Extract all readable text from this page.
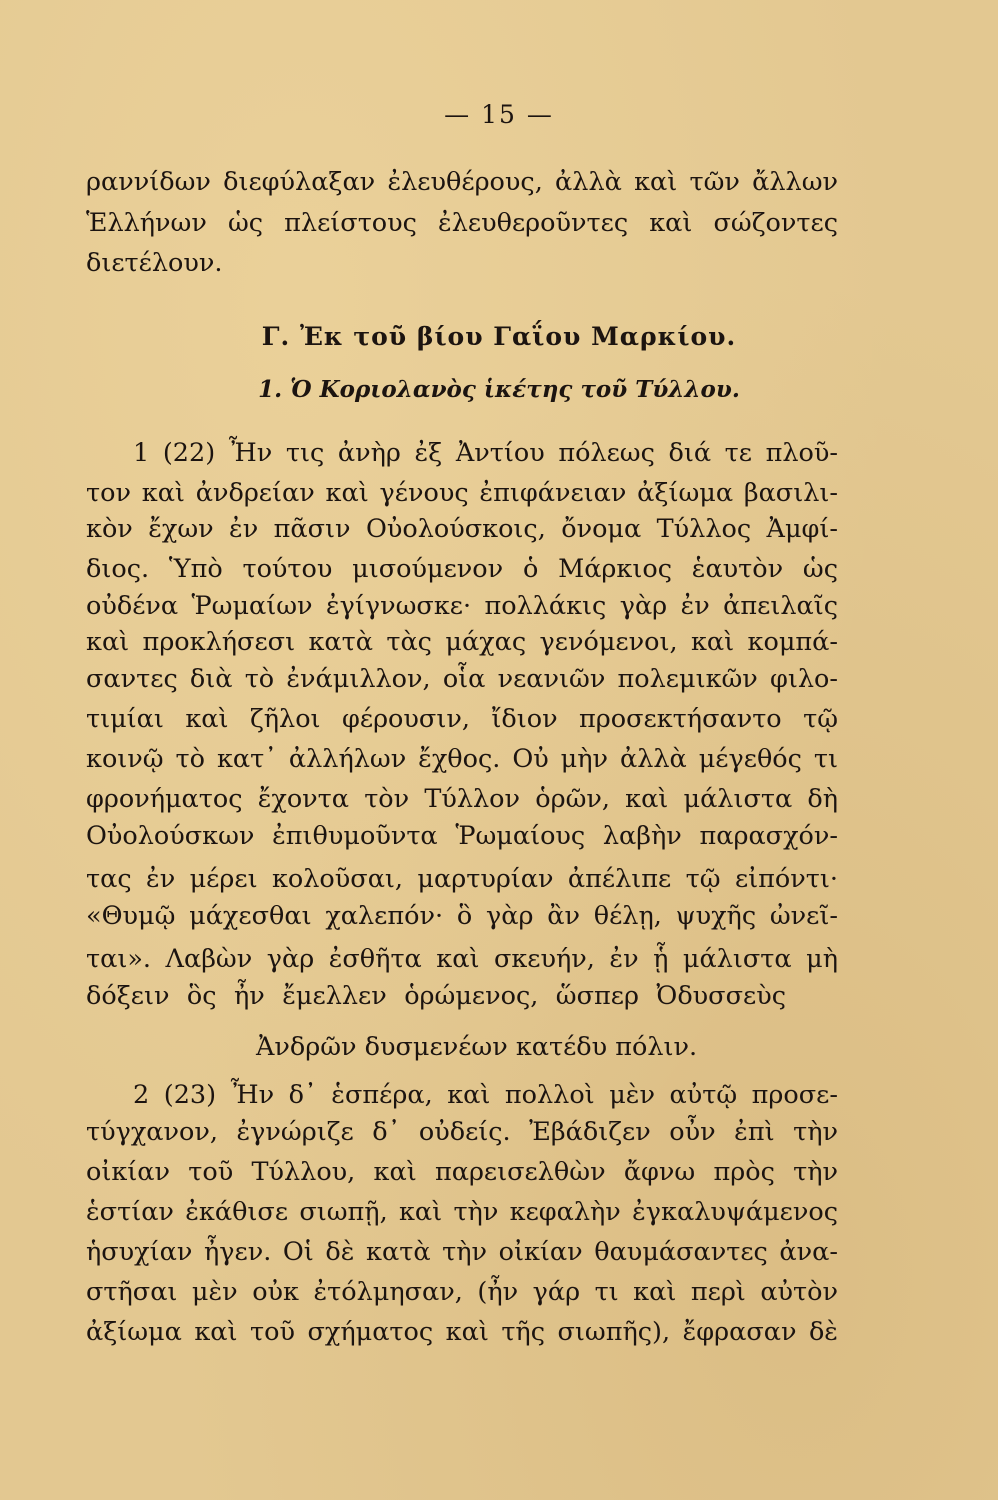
— 15 —
ραννίδων διεφύλαξαν ἐλευθέρους, ἀλλὰ καὶ τῶν ἄλλων
Ἑλλήνων ὡς πλείστους ἐλευθεροῦντες καὶ σώζοντες
διετέλουν.
Γ. Ἐκ τοῦ βίου Γαΐου Μαρκίου.
1. Ὁ Κοριολανὸς ἱκέτης τοῦ Τύλλου.
1 (22) Ἦν τις ἀνὴρ ἐξ Ἀντίου πόλεως διά τε πλοῦ-
τον καὶ ἀνδρείαν καὶ γένους ἐπιφάνειαν ἀξίωμα βασιλι-
κὸν ἔχων ἐν πᾶσιν Οὐολούσκοις, ὄνομα Τύλλος Ἀμφί-
διος. Ὑπὸ τούτου μισούμενον ὁ Μάρκιος ἑαυτὸν ὡς
οὐδένα Ῥωμαίων ἐγίγνωσκε· πολλάκις γὰρ ἐν ἀπειλαῖς
καὶ προκλήσεσι κατὰ τὰς μάχας γενόμενοι, καὶ κομπά-
σαντες διὰ τὸ ἐνάμιλλον, οἷα νεανιῶν πολεμικῶν φιλο-
τιμίαι καὶ ζῆλοι φέρουσιν, ἴδιον προσεκτήσαντο τῷ
κοινῷ τὸ κατ᾽ ἀλλήλων ἔχθος. Οὐ μὴν ἀλλὰ μέγεθός τι
φρονήματος ἔχοντα τὸν Τύλλον ὁρῶν, καὶ μάλιστα δὴ
Οὐολούσκων ἐπιθυμοῦντα Ῥωμαίους λαβὴν παρασχόν-
τας ἐν μέρει κολοῦσαι, μαρτυρίαν ἀπέλιπε τῷ εἰπόντι·
«Θυμῷ μάχεσθαι χαλεπόν· ὃ γὰρ ἂν θέλῃ, ψυχῆς ὠνεῖ-
ται». Λαβὼν γὰρ ἐσθῆτα καὶ σκευήν, ἐν ᾗ μάλιστα μὴ
δόξειν ὃς ἦν ἔμελλεν ὁρώμενος, ὥσπερ Ὀδυσσεὺς
Ἀνδρῶν δυσμενέων κατέδυ πόλιν.
2 (23) Ἦν δ᾽ ἑσπέρα, καὶ πολλοὶ μὲν αὐτῷ προσε-
τύγχανον, ἐγνώριζε δ᾽ οὐδείς. Ἐβάδιζεν οὖν ἐπὶ τὴν
οἰκίαν τοῦ Τύλλου, καὶ παρεισελθὼν ἄφνω πρὸς τὴν
ἑστίαν ἐκάθισε σιωπῇ, καὶ τὴν κεφαλὴν ἐγκαλυψάμενος
ἡσυχίαν ἦγεν. Οἱ δὲ κατὰ τὴν οἰκίαν θαυμάσαντες ἀνα-
στῆσαι μὲν οὐκ ἐτόλμησαν, (ἦν γάρ τι καὶ περὶ αὐτὸν
ἀξίωμα καὶ τοῦ σχήματος καὶ τῆς σιωπῆς), ἔφρασαν δὲ
